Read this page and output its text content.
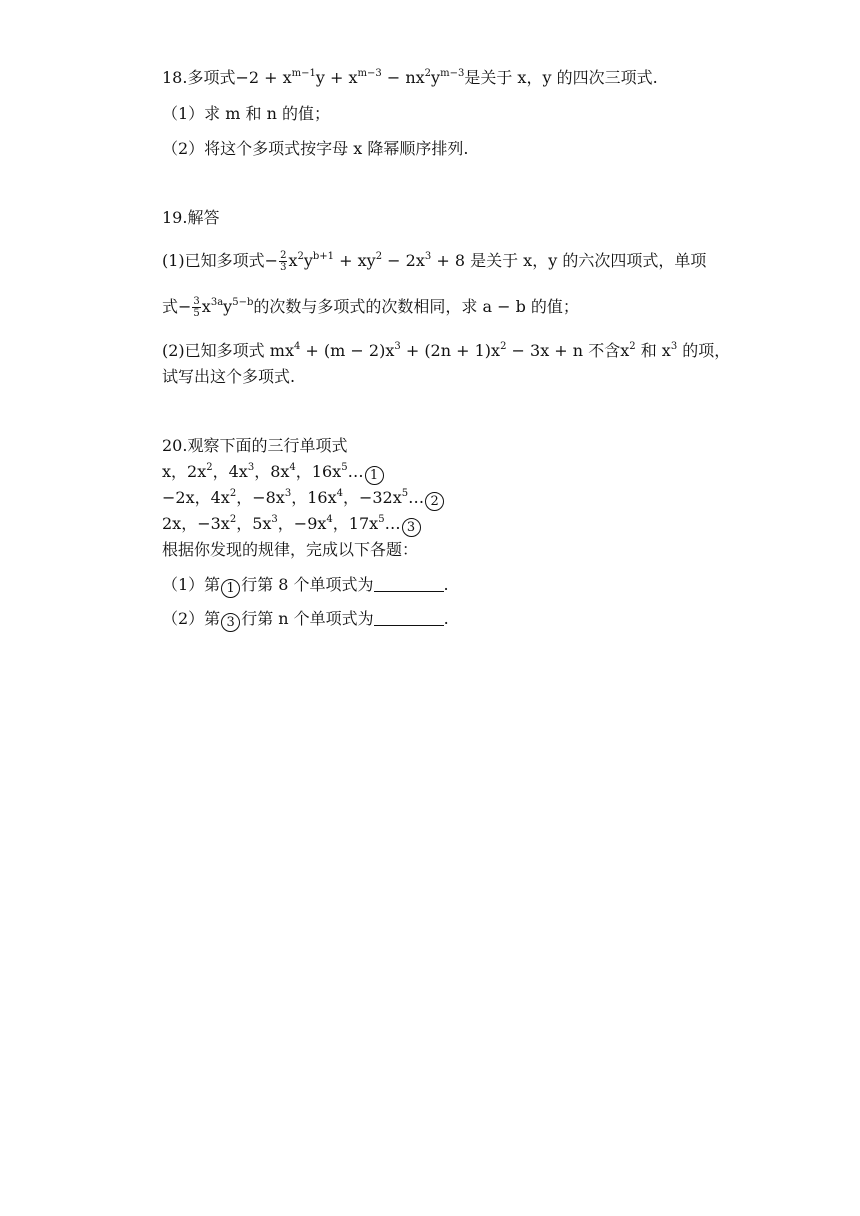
18.多项式$-2 + x^{m-1}y + x^{m-3} - nx^2y^{m-3}$是关于 x，y 的四次三项式.
（1）求 m 和 n 的值；
（2）将这个多项式按字母 x 降幂顺序排列.
19.解答
(1)已知多项式− $\frac{2}{3} x^2y^{b+1} + xy^2 - 2x^3 + 8$ 是关于 x，y 的六次四项式，单项
式− $\frac{3}{5} x^{3a}y^{5-b}$的次数与多项式的次数相同，求 a − b 的值；
(2)已知多项式 $mx^4 + (m - 2)x^3 + (2n + 1)x^2 - 3x + n$ 不含$x^2$ 和 $x^3$ 的项，
试写出这个多项式.
20.观察下面的三行单项式
x，$2x^2$，$4x^3$，$8x^4$，$16x^5\dots$ 1
−2x，$4x^2$，$-8x^3$，$16x^4$，$-32x^5\dots$ 2
2x，$-3x^2$，$5x^3$，$-9x^4$，$17x^5\dots$ 3
根据你发现的规律，完成以下各题：
（1）第 1 行第 8 个单项式为	.
（2）第 3 行第 n 个单项式为	.
